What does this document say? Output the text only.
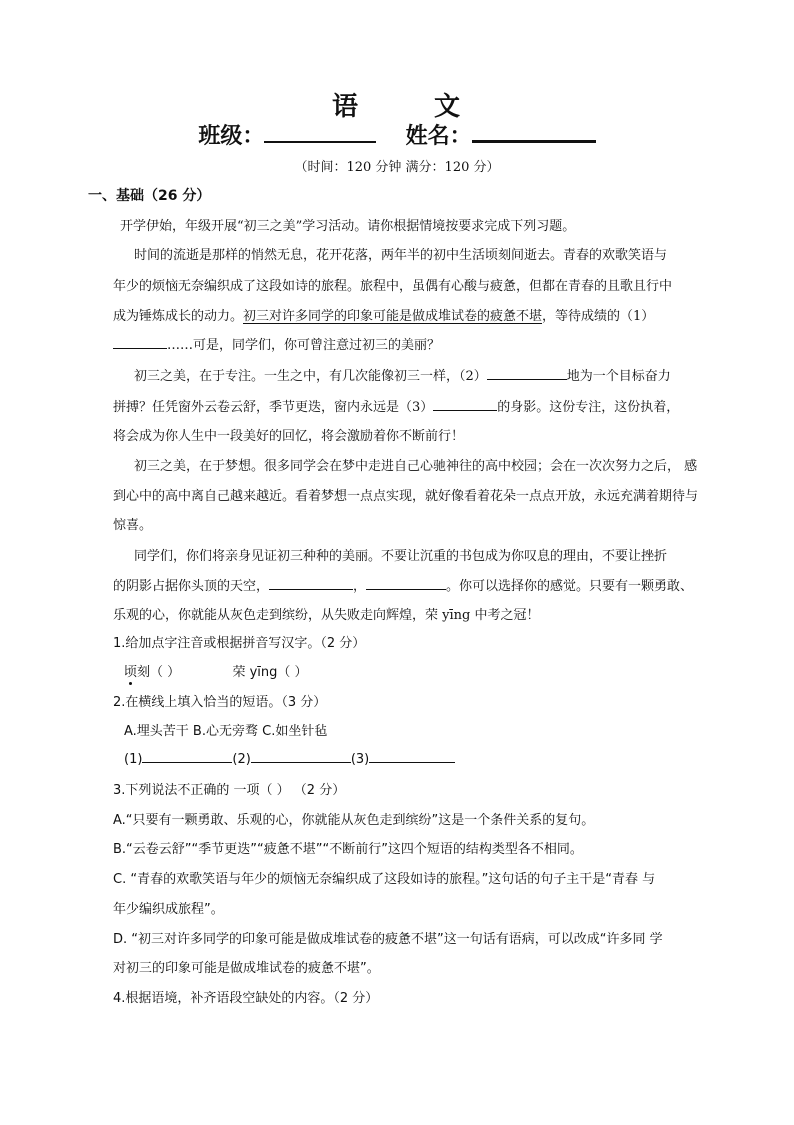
语	文
班级：	姓名：
（时间：120 分钟 满分：120 分）
一、基础（26 分）
开学伊始，年级开展“初三之美”学习活动。请你根据情境按要求完成下列习题。
时间的流逝是那样的悄然无息，花开花落，两年半的初中生活顷刻间逝去。青春的欢歌笑语与
年少的烦恼无奈编织成了这段如诗的旅程。旅程中，虽偶有心酸与疲惫，但都在青春的且歌且行中
成为锤炼成长的动力。初三对许多同学的印象可能是做成堆试卷的疲惫不堪，等待成绩的（1）
……可是，同学们，你可曾注意过初三的美丽？
初三之美，在于专注。一生之中，有几次能像初三一样，（2）	地为一个目标奋力
拼搏？任凭窗外云卷云舒，季节更迭，窗内永远是（3）	的身影。这份专注，这份执着，
将会成为你人生中一段美好的回忆，将会激励着你不断前行！
初三之美，在于梦想。很多同学会在梦中走进自己心驰神往的高中校园；会在一次次努力之后， 感
到心中的高中离自己越来越近。看着梦想一点点实现，就好像看着花朵一点点开放，永远充满着期待与
惊喜。
同学们，你们将亲身见证初三种种的美丽。不要让沉重的书包成为你叹息的理由，不要让挫折
的阴影占据你头顶的天空，	，	。你可以选择你的感觉。只要有一颗勇敢、
乐观的心，你就能从灰色走到缤纷，从失败走向辉煌，荣 yīng 中考之冠！
1.给加点字注音或根据拼音写汉字。（2 分）
顷刻（ ）	荣 yīng（ ）
2.在横线上填入恰当的短语。（3 分）
A.埋头苦干 B.心无旁骛 C.如坐针毡
(1)	(2)	(3)
3.下列说法不正确的 一项（ ） （2 分）
A.“只要有一颗勇敢、乐观的心，你就能从灰色走到缤纷”这是一个条件关系的复句。
B.“云卷云舒”“季节更迭”“疲惫不堪”“不断前行”这四个短语的结构类型各不相同。
C. “青春的欢歌笑语与年少的烦恼无奈编织成了这段如诗的旅程。”这句话的句子主干是“青春 与
年少编织成旅程”。
D. “初三对许多同学的印象可能是做成堆试卷的疲惫不堪”这一句话有语病，可以改成“许多同 学
对初三的印象可能是做成堆试卷的疲惫不堪”。
4.根据语境，补齐语段空缺处的内容。（2 分）
